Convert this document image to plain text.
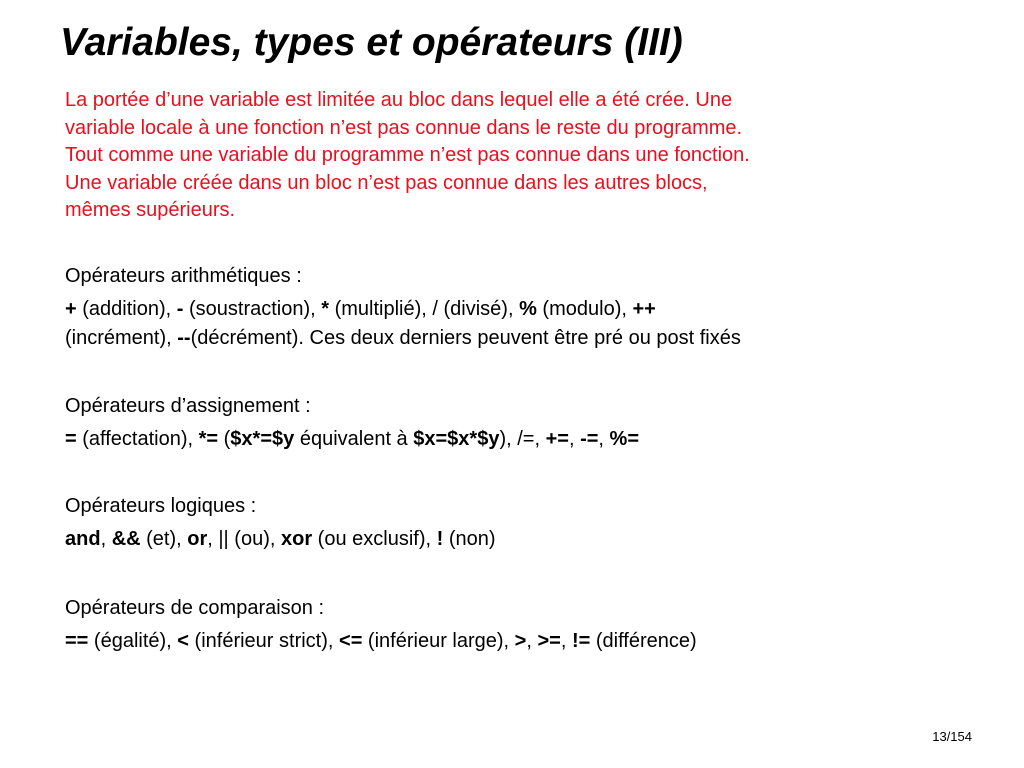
Variables, types et opérateurs (III)
La portée d’une variable est limitée au bloc dans lequel elle a été crée. Une
variable locale à une fonction n’est pas connue dans le reste du programme.
Tout comme une variable du programme n’est pas connue dans une fonction.
Une variable créée dans un bloc n’est pas connue dans les autres blocs,
mêmes supérieurs.
Opérateurs arithmétiques :
+ (addition), - (soustraction), * (multiplié), / (divisé), % (modulo), ++
(incrément), --(décrément). Ces deux derniers peuvent être pré ou post fixés
Opérateurs d’assignement :
= (affectation), *= ($x*=$y équivalent à $x=$x*$y), /=, +=, -=, %=
Opérateurs logiques :
and, && (et), or, || (ou), xor (ou exclusif), ! (non)
Opérateurs de comparaison :
== (égalité), < (inférieur strict), <= (inférieur large), >, >=, != (différence)
13/154
